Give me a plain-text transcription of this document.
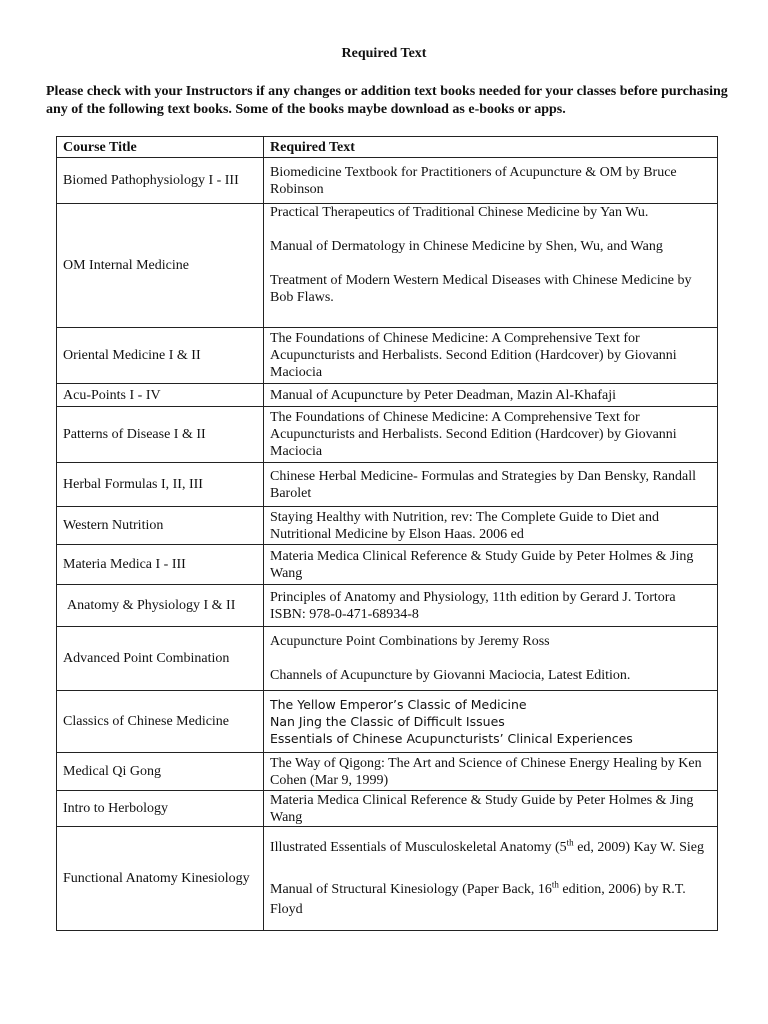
Required Text
Please check with your Instructors if any changes or addition text books needed for your classes before purchasing any of the following text books. Some of the books maybe download as e-books or apps.
Course Title	Required Text
Biomed Pathophysiology I - III	Biomedicine Textbook for Practitioners of Acupuncture & OM by Bruce Robinson

OM Internal Medicine	Practical Therapeutics of Traditional Chinese Medicine by Yan Wu.
Manual of Dermatology in Chinese Medicine by Shen, Wu, and Wang
Treatment of Modern Western Medical Diseases with Chinese Medicine by Bob Flaws.

Oriental Medicine I & II	The Foundations of Chinese Medicine: A Comprehensive Text for Acupuncturists and Herbalists. Second Edition (Hardcover) by Giovanni Maciocia

Acu-Points I - IV	Manual of Acupuncture by Peter Deadman, Mazin Al-Khafaji

Patterns of Disease I & II	The Foundations of Chinese Medicine: A Comprehensive Text for Acupuncturists and Herbalists. Second Edition (Hardcover) by Giovanni Maciocia

Herbal Formulas I, II, III	Chinese Herbal Medicine- Formulas and Strategies by Dan Bensky, Randall Barolet

Western Nutrition	Staying Healthy with Nutrition, rev: The Complete Guide to Diet and Nutritional Medicine by Elson Haas. 2006 ed

Materia Medica I - III	Materia Medica Clinical Reference & Study Guide by Peter Holmes & Jing Wang

Anatomy & Physiology I & II	Principles of Anatomy and Physiology, 11th edition by Gerard J. Tortora ISBN: 978-0-471-68934-8

Advanced Point Combination	Acupuncture Point Combinations by Jeremy Ross
Channels of Acupuncture by Giovanni Maciocia, Latest Edition.

Classics of Chinese Medicine	The Yellow Emperor’s Classic of Medicine
Nan Jing the Classic of Difficult Issues
Essentials of Chinese Acupuncturists’ Clinical Experiences

Medical Qi Gong	The Way of Qigong: The Art and Science of Chinese Energy Healing by Ken Cohen (Mar 9, 1999)

Intro to Herbology	Materia Medica Clinical Reference & Study Guide by Peter Holmes & Jing Wang

Functional Anatomy Kinesiology	Illustrated Essentials of Musculoskeletal Anatomy (5th ed, 2009) Kay W. Sieg
Manual of Structural Kinesiology (Paper Back, 16th edition, 2006) by R.T. Floyd
